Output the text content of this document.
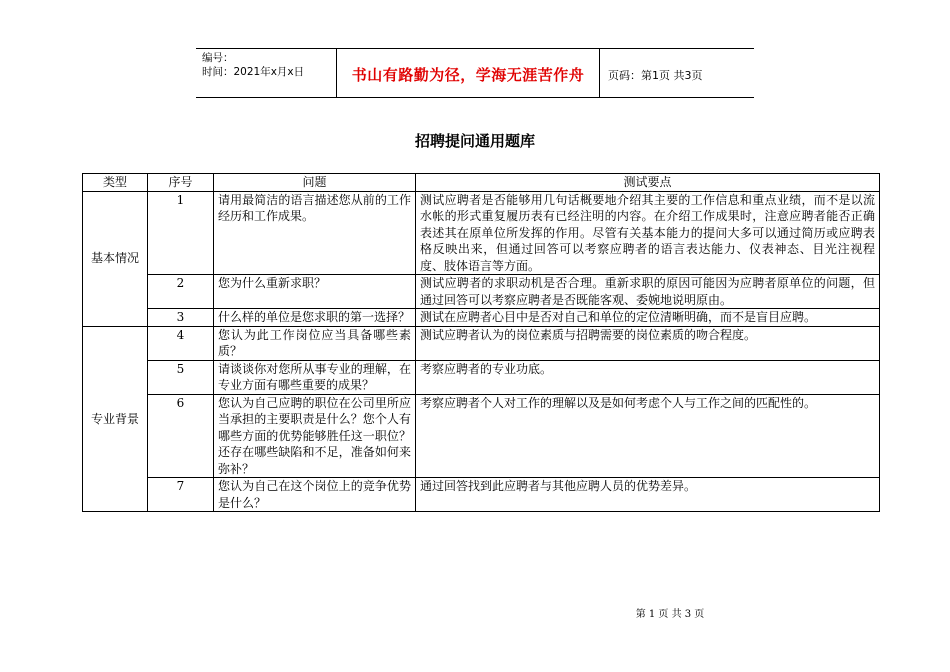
编号：
时间：2021年x月x日	书山有路勤为径，学海无涯苦作舟	页码：第1页 共3页
招聘提问通用题库
类型	序号	问题	测试要点
基本情况	1	请用最简洁的语言描述您从前的工作经历和工作成果。	测试应聘者是否能够用几句话概要地介绍其主要的工作信息和重点业绩，而不是以流水帐的形式重复履历表有已经注明的内容。在介绍工作成果时，注意应聘者能否正确表述其在原单位所发挥的作用。尽管有关基本能力的提问大多可以通过简历或应聘表格反映出来，但通过回答可以考察应聘者的语言表达能力、仪表神态、目光注视程度、肢体语言等方面。
	2	您为什么重新求职？	测试应聘者的求职动机是否合理。重新求职的原因可能因为应聘者原单位的问题，但通过回答可以考察应聘者是否既能客观、委婉地说明原由。
	3	什么样的单位是您求职的第一选择？	测试在应聘者心目中是否对自己和单位的定位清晰明确，而不是盲目应聘。
专业背景	4	您认为此工作岗位应当具备哪些素质？	测试应聘者认为的岗位素质与招聘需要的岗位素质的吻合程度。
	5	请谈谈你对您所从事专业的理解，在专业方面有哪些重要的成果？	考察应聘者的专业功底。
	6	您认为自己应聘的职位在公司里所应当承担的主要职责是什么？您个人有哪些方面的优势能够胜任这一职位？还存在哪些缺陷和不足，准备如何来弥补？	考察应聘者个人对工作的理解以及是如何考虑个人与工作之间的匹配性的。
	7	您认为自己在这个岗位上的竞争优势是什么？	通过回答找到此应聘者与其他应聘人员的优势差异。
第 1 页 共 3 页
